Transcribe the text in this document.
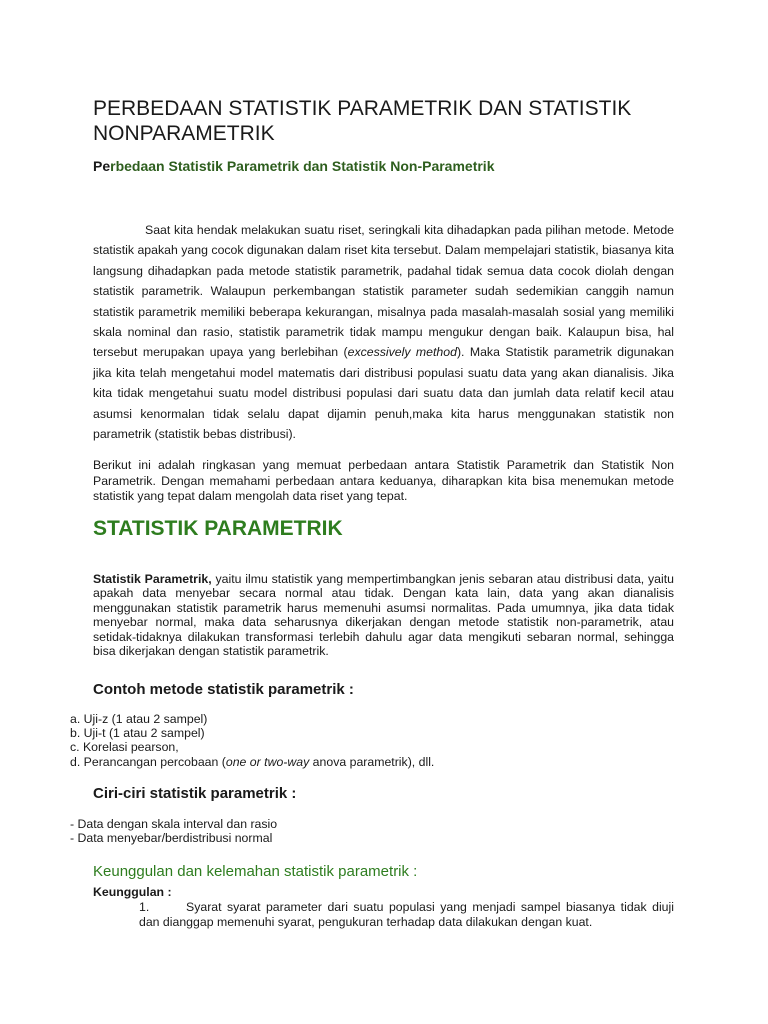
PERBEDAAN STATISTIK PARAMETRIK DAN STATISTIK NONPARAMETRIK
Perbedaan Statistik Parametrik dan Statistik Non-Parametrik

Saat kita hendak melakukan suatu riset, seringkali kita dihadapkan pada pilihan metode. Metode statistik apakah yang cocok digunakan dalam riset kita tersebut. Dalam mempelajari statistik, biasanya kita langsung dihadapkan pada metode statistik parametrik, padahal tidak semua data cocok diolah dengan statistik parametrik. Walaupun perkembangan statistik parameter sudah sedemikian canggih namun statistik parametrik memiliki beberapa kekurangan, misalnya pada masalah-masalah sosial yang memiliki skala nominal dan rasio, statistik parametrik tidak mampu mengukur dengan baik. Kalaupun bisa, hal tersebut merupakan upaya yang berlebihan (excessively method). Maka Statistik parametrik digunakan jika kita telah mengetahui model matematis dari distribusi populasi suatu data yang akan dianalisis. Jika kita tidak mengetahui suatu model distribusi populasi dari suatu data dan jumlah data relatif kecil atau asumsi kenormalan tidak selalu dapat dijamin penuh,maka kita harus menggunakan statistik non parametrik (statistik bebas distribusi).

Berikut ini adalah ringkasan yang memuat perbedaan antara Statistik Parametrik dan Statistik Non Parametrik. Dengan memahami perbedaan antara keduanya, diharapkan kita bisa menemukan metode statistik yang tepat dalam mengolah data riset yang tepat.

STATISTIK PARAMETRIK

Statistik Parametrik, yaitu ilmu statistik yang mempertimbangkan jenis sebaran atau distribusi data, yaitu apakah data menyebar secara normal atau tidak. Dengan kata lain, data yang akan dianalisis menggunakan statistik parametrik harus memenuhi asumsi normalitas. Pada umumnya, jika data tidak menyebar normal, maka data seharusnya dikerjakan dengan metode statistik non-parametrik, atau setidak-tidaknya dilakukan transformasi terlebih dahulu agar data mengikuti sebaran normal, sehingga bisa dikerjakan dengan statistik parametrik.

Contoh metode statistik parametrik :
a. Uji-z (1 atau 2 sampel)
b. Uji-t (1 atau 2 sampel)
c. Korelasi pearson,
d. Perancangan percobaan (one or two-way anova parametrik), dll.
Ciri-ciri statistik parametrik :
- Data dengan skala interval dan rasio
- Data menyebar/berdistribusi normal
Keunggulan dan kelemahan statistik parametrik :

Keunggulan :

1.	Syarat syarat parameter dari suatu populasi yang menjadi sampel biasanya tidak diuji dan dianggap memenuhi syarat, pengukuran terhadap data dilakukan dengan kuat.
